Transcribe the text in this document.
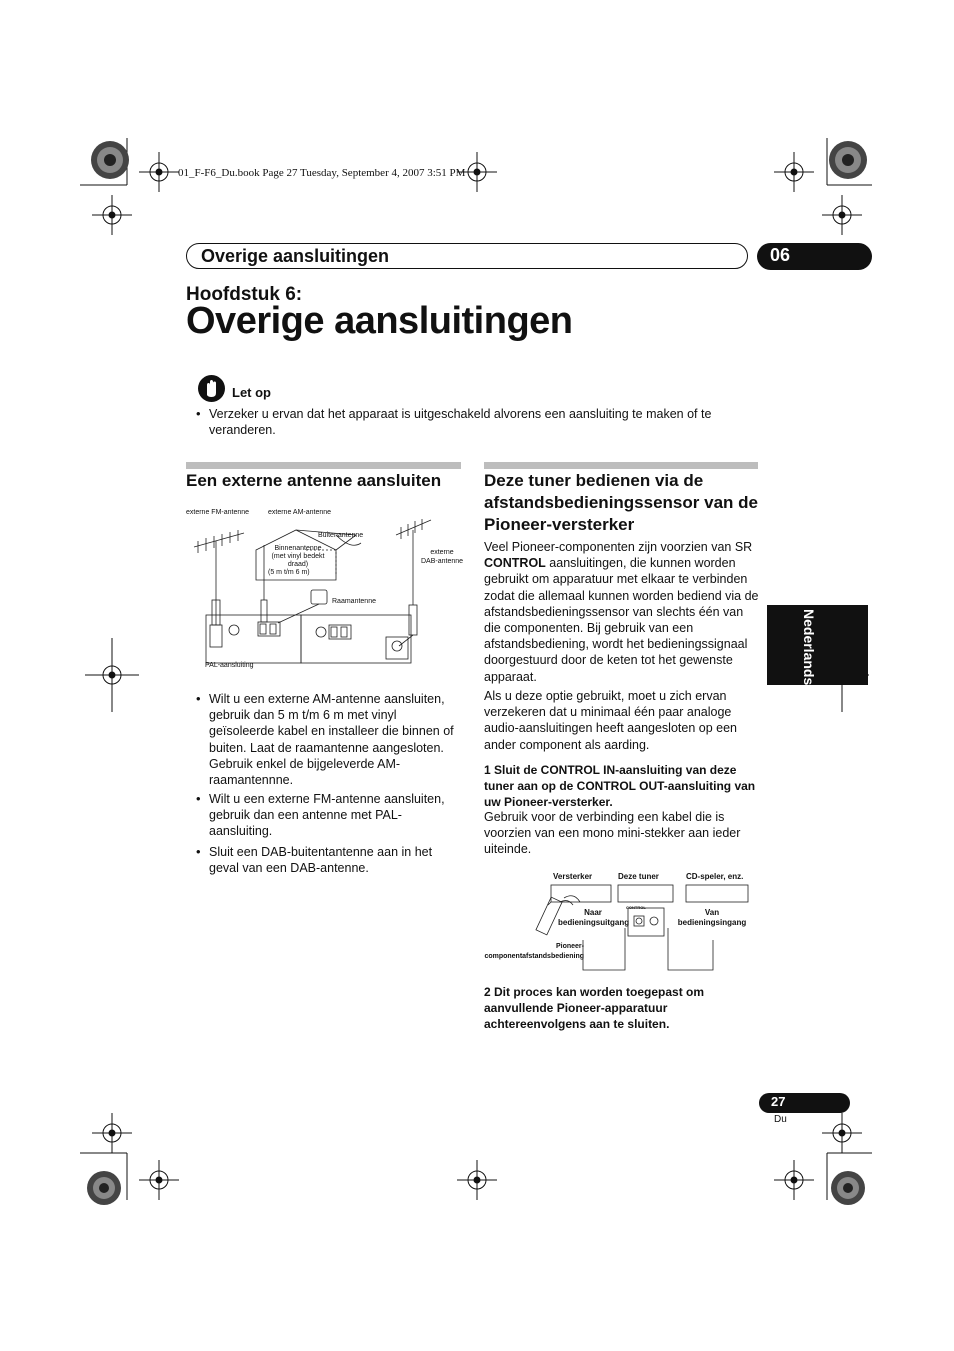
01_F-F6_Du.book Page 27 Tuesday, September 4, 2007 3:51 PM
Overige aansluitingen	06
Hoofdstuk 6:
Overige aansluitingen
Let op
• Verzeker u ervan dat het apparaat is uitgeschakeld alvorens een aansluiting te maken of te veranderen.
Een externe antenne aansluiten
externe FM-antenne	externe AM-antenne
Buitenantenne
Binnenantenne
(met vinyl bedekt
draad)
(5 m t/m 6 m)
externe
DAB-antenne
Raamantenne
PAL-aansluiting
• Wilt u een externe AM-antenne aansluiten, gebruik dan 5 m t/m 6 m met vinyl geïsoleerde kabel en installeer die binnen of buiten. Laat de raamantenne aangesloten. Gebruik enkel de bijgeleverde AM-raamantennne.
• Wilt u een externe FM-antenne aansluiten, gebruik dan een antenne met PAL-aansluiting.
• Sluit een DAB-buitentantenne aan in het geval van een DAB-antenne.
Deze tuner bedienen via de afstandsbedieningssensor van de Pioneer-versterker
Veel Pioneer-componenten zijn voorzien van SR CONTROL aansluitingen, die kunnen worden gebruikt om apparatuur met elkaar te verbinden zodat die allemaal kunnen worden bediend via de afstandsbedieningssensor van slechts één van die componenten. Bij gebruik van een afstandsbediening, wordt het bedieningssignaal doorgestuurd door de keten tot het gewenste apparaat.
Als u deze optie gebruikt, moet u zich ervan verzekeren dat u minimaal één paar analoge audio-aansluitingen heeft aangesloten op een ander component als aarding.
1 Sluit de CONTROL IN-aansluiting van deze tuner aan op de CONTROL OUT-aansluiting van uw Pioneer-versterker.
Gebruik voor de verbinding een kabel die is voorzien van een mono mini-stekker aan ieder uiteinde.
Versterker	Deze tuner	CD-speler, enz.
Naar
bedieningsuitgang
Van
bedieningsingang
Pioneer-
componentafstandsbediening
CONTROL
2 Dit proces kan worden toegepast om aanvullende Pioneer-apparatuur achtereenvolgens aan te sluiten.
Nederlands
27
Du
